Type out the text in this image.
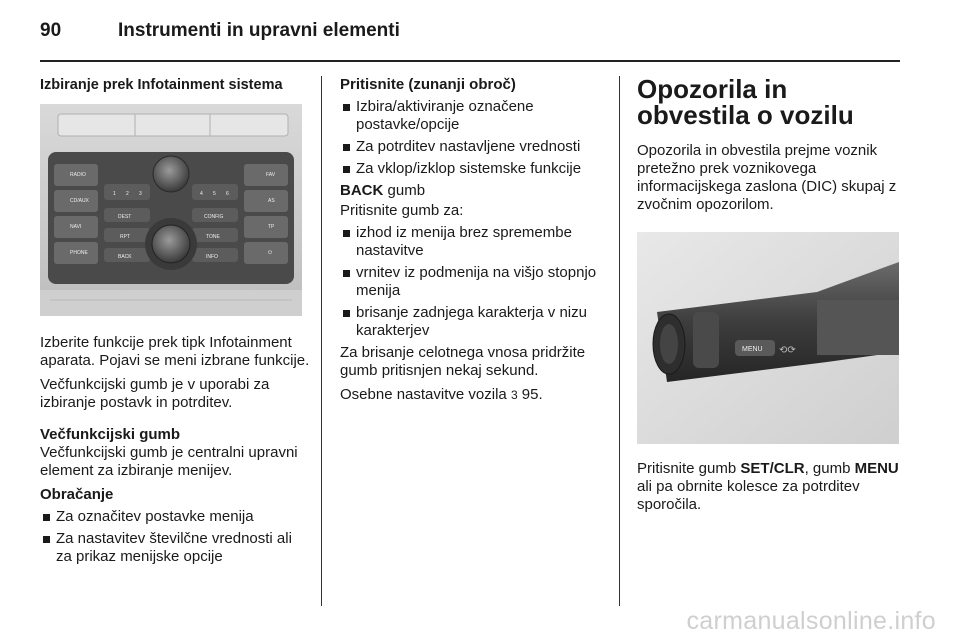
90	Instrumenti in upravni elementi

Izbiranje prek Infotainment sistema

RADIO
CD/AUX
NAVI
PHONE
FAV
AS
TP
⏻
1 2 3	4 5 6
DEST	CONFIG
RPT	TONE
BACK	INFO

Izberite funkcije prek tipk Infotainment aparata. Pojavi se meni izbrane funkcije.

Večfunkcijski gumb je v uporabi za izbiranje postavk in potrditev.

Večfunkcijski gumb

Večfunkcijski gumb je centralni upravni element za izbiranje menijev.

Obračanje
Za označitev postavke menija
Za nastavitev številčne vrednosti ali za prikaz menijske opcije
Pritisnite (zunanji obroč)
Izbira/aktiviranje označene postavke/opcije
Za potrditev nastavljene vrednosti
Za vklop/izklop sistemske funkcije

BACK gumb

Pritisnite gumb za:

izhod iz menija brez spremembe nastavitve
vrnitev iz podmenija na višjo stopnjo menija
brisanje zadnjega karakterja v nizu karakterjev

Za brisanje celotnega vnosa pridržite gumb pritisnjen nekaj sekund.

Osebne nastavitve vozila 3 95.

Opozorila in obvestila o vozilu

Opozorila in obvestila prejme voznik pretežno prek voznikovega informacijskega zaslona (DIC) skupaj z zvočnim opozorilom.

MENU ⟲⟳

Pritisnite gumb SET/CLR, gumb MENU ali pa obrnite kolesce za potrditev sporočila.

carmanualsonline.info
